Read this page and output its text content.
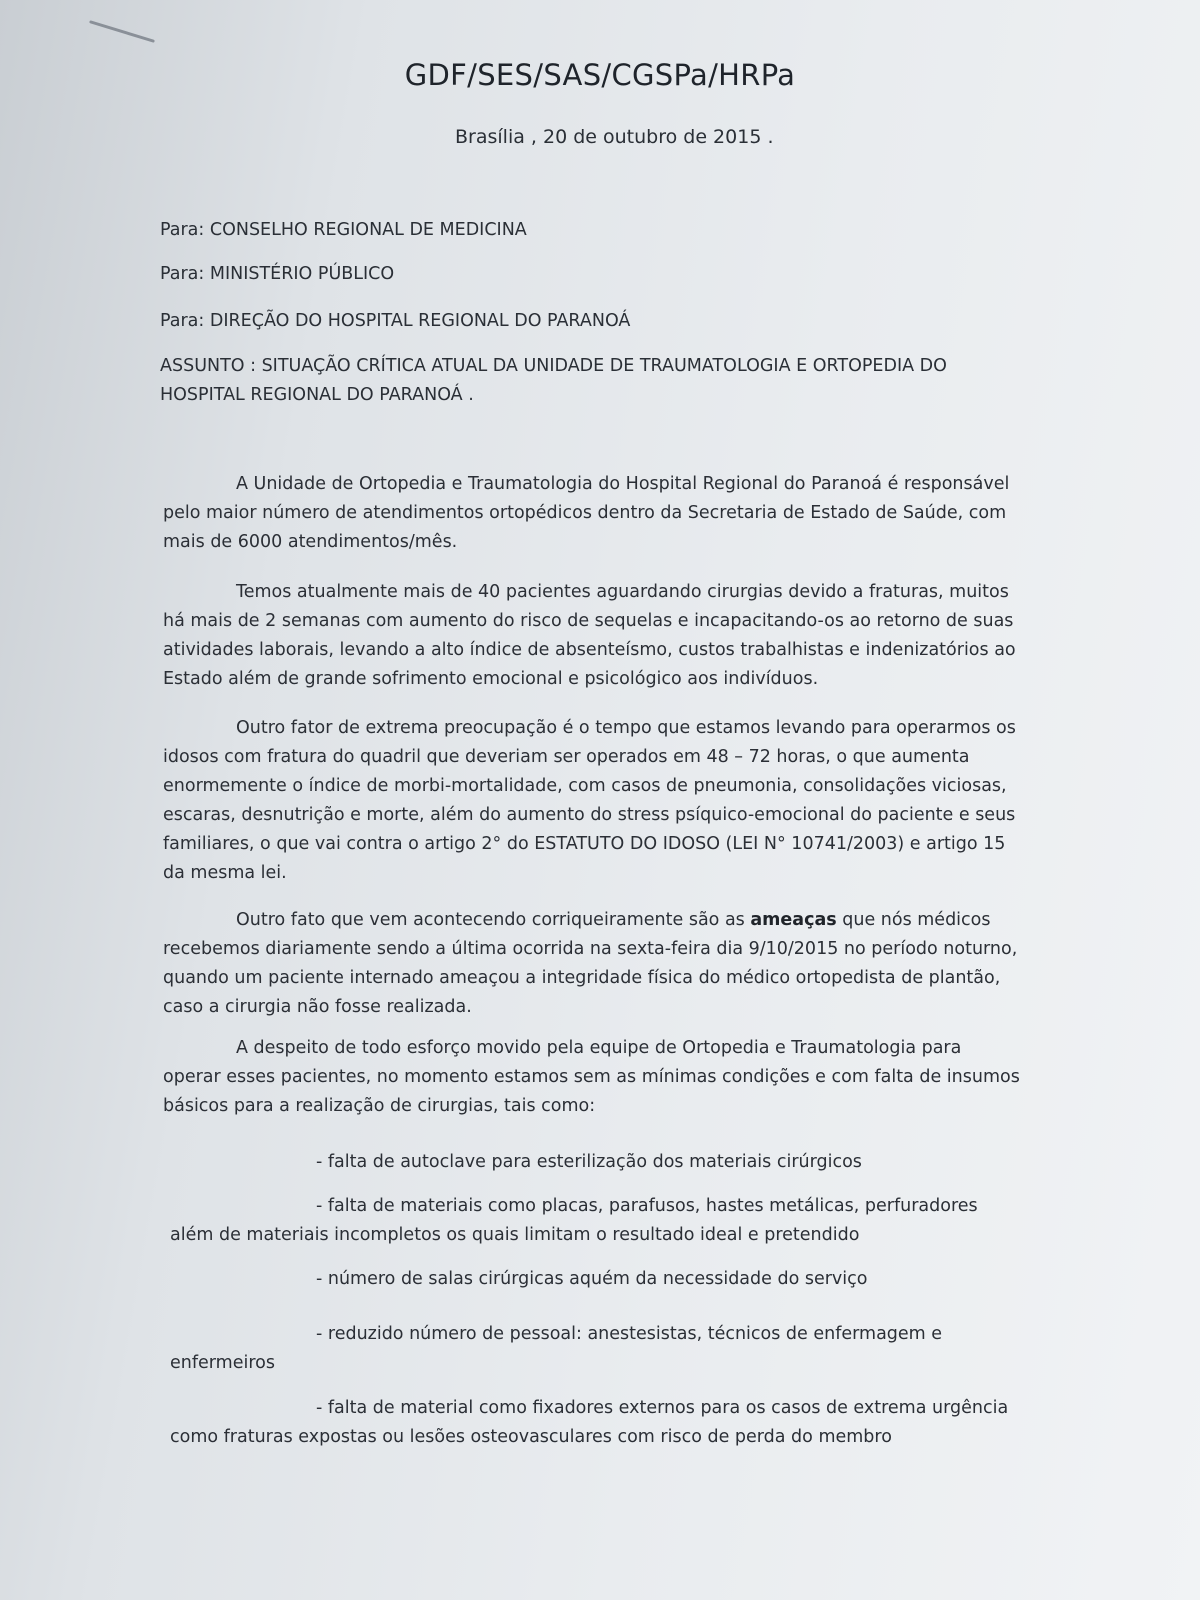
GDF/SES/SAS/CGSPa/HRPa
Brasília , 20 de outubro de 2015 .
Para: CONSELHO REGIONAL DE MEDICINA
Para: MINISTÉRIO PÚBLICO
Para: DIREÇÃO DO HOSPITAL REGIONAL DO PARANOÁ
ASSUNTO : SITUAÇÃO CRÍTICA ATUAL DA UNIDADE DE TRAUMATOLOGIA E ORTOPEDIA DO HOSPITAL REGIONAL DO PARANOÁ .

A Unidade de Ortopedia e Traumatologia do Hospital Regional do Paranoá é responsável pelo maior número de atendimentos ortopédicos dentro da Secretaria de Estado de Saúde, com mais de 6000 atendimentos/mês.

Temos atualmente mais de 40 pacientes aguardando cirurgias devido a fraturas, muitos há mais de 2 semanas com aumento do risco de sequelas e incapacitando-os ao retorno de suas atividades laborais, levando a alto índice de absenteísmo, custos trabalhistas e indenizatórios ao Estado além de grande sofrimento emocional e psicológico aos indivíduos.

Outro fator de extrema preocupação é o tempo que estamos levando para operarmos os idosos com fratura do quadril que deveriam ser operados em 48 – 72 horas, o que aumenta enormemente o índice de morbi-mortalidade, com casos de pneumonia, consolidações viciosas, escaras, desnutrição e morte, além do aumento do stress psíquico-emocional do paciente e seus familiares, o que vai contra o artigo 2° do ESTATUTO DO IDOSO (LEI N° 10741/2003) e artigo 15 da mesma lei.

Outro fato que vem acontecendo corriqueiramente são as ameaças que nós médicos recebemos diariamente sendo a última ocorrida na sexta-feira dia 9/10/2015 no período noturno, quando um paciente internado ameaçou a integridade física do médico ortopedista de plantão, caso a cirurgia não fosse realizada.

A despeito de todo esforço movido pela equipe de Ortopedia e Traumatologia para operar esses pacientes, no momento estamos sem as mínimas condições e com falta de insumos básicos para a realização de cirurgias, tais como:

- falta de autoclave para esterilização dos materiais cirúrgicos

- falta de materiais como placas, parafusos, hastes metálicas, perfuradores além de materiais incompletos os quais limitam o resultado ideal e pretendido

- número de salas cirúrgicas aquém da necessidade do serviço

- reduzido número de pessoal: anestesistas, técnicos de enfermagem e enfermeiros

- falta de material como fixadores externos para os casos de extrema urgência como fraturas expostas ou lesões osteovasculares com risco de perda do membro
